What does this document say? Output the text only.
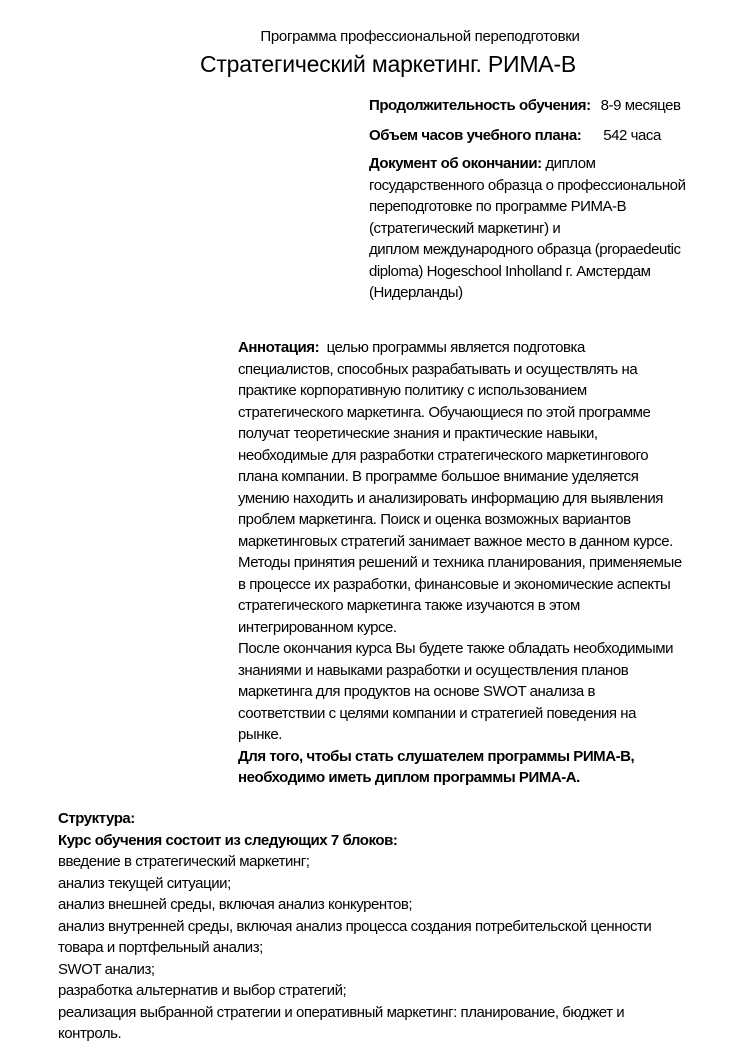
Программа профессиональной переподготовки
Стратегический маркетинг. РИМА-В
Продолжительность обучения: 8-9 месяцев
Объем часов учебного плана: 542 часа
Документ об окончании: диплом
государственного образца о профессиональной
переподготовке по программе РИМА-В
(стратегический маркетинг) и
диплом международного образца (propaedeutic
diploma) Hogeschool Inholland г. Амстердам
(Нидерланды)
Аннотация: целью программы является подготовка
специалистов, способных разрабатывать и осуществлять на
практике корпоративную политику с использованием
стратегического маркетинга. Обучающиеся по этой программе
получат теоретические знания и практические навыки,
необходимые для разработки стратегического маркетингового
плана компании. В программе большое внимание уделяется
умению находить и анализировать информацию для выявления
проблем маркетинга. Поиск и оценка возможных вариантов
маркетинговых стратегий занимает важное место в данном курсе.
Методы принятия решений и техника планирования, применяемые
в процессе их разработки, финансовые и экономические аспекты
стратегического маркетинга также изучаются в этом
интегрированном курсе.
После окончания курса Вы будете также обладать необходимыми
знаниями и навыками разработки и осуществления планов
маркетинга для продуктов на основе SWOT анализа в
соответствии с целями компании и стратегией поведения на
рынке.
Для того, чтобы стать слушателем программы РИМА-В,
необходимо иметь диплом программы РИМА-А.
Структура:
Курс обучения состоит из следующих 7 блоков:
введение в стратегический маркетинг;
анализ текущей ситуации;
анализ внешней среды, включая анализ конкурентов;
анализ внутренней среды, включая анализ процесса создания потребительской ценности
товара и портфельный анализ;
SWOT анализ;
разработка альтернатив и выбор стратегий;
реализация выбранной стратегии и оперативный маркетинг: планирование, бюджет и
контроль.
